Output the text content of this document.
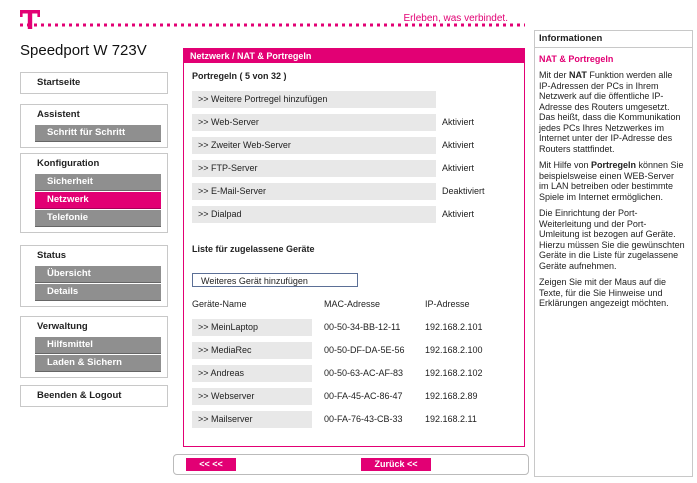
Erleben, was verbindet.
Speedport W 723V
Startseite
Assistent
Schritt für Schritt
Konfiguration
Sicherheit
Netzwerk
Telefonie
Status
Übersicht
Details
Verwaltung
Hilfsmittel
Laden & Sichern
Beenden & Logout
Netzwerk / NAT & Portregeln
Portregeln ( 5 von 32 )
>> Weitere Portregel hinzufügen
>> Web-Server	Aktiviert
>> Zweiter Web-Server	Aktiviert
>> FTP-Server	Aktiviert
>> E-Mail-Server	Deaktiviert
>> Dialpad	Aktiviert
Liste für zugelassene Geräte
Weiteres Gerät hinzufügen
Geräte-Name	MAC-Adresse	IP-Adresse
>> MeinLaptop	00-50-34-BB-12-11	192.168.2.101
>> MediaRec	00-50-DF-DA-5E-56 192.168.2.100
>> Andreas	00-50-63-AC-AF-83 192.168.2.102
>> Webserver	00-FA-45-AC-86-47 192.168.2.89
>> Mailserver	00-FA-76-43-CB-33 192.168.2.11
<< <<	Zurück <<
Informationen
NAT & Portregeln
Mit der NAT Funktion werden alle IP-Adressen der PCs in Ihrem Netzwerk auf die öffentliche IP-Adresse des Routers umgesetzt. Das heißt, dass die Kommunikation jedes PCs Ihres Netzwerkes im Internet unter der IP-Adresse des Routers stattfindet.
Mit Hilfe von Portregeln können Sie beispielsweise einen WEB-Server im LAN betreiben oder bestimmte Spiele im Internet ermöglichen.
Die Einrichtung der Port-Weiterleitung und der Port-Umleitung ist bezogen auf Geräte. Hierzu müssen Sie die gewünschten Geräte in die Liste für zugelassene Geräte aufnehmen.
Zeigen Sie mit der Maus auf die Texte, für die Sie Hinweise und Erklärungen angezeigt möchten.
